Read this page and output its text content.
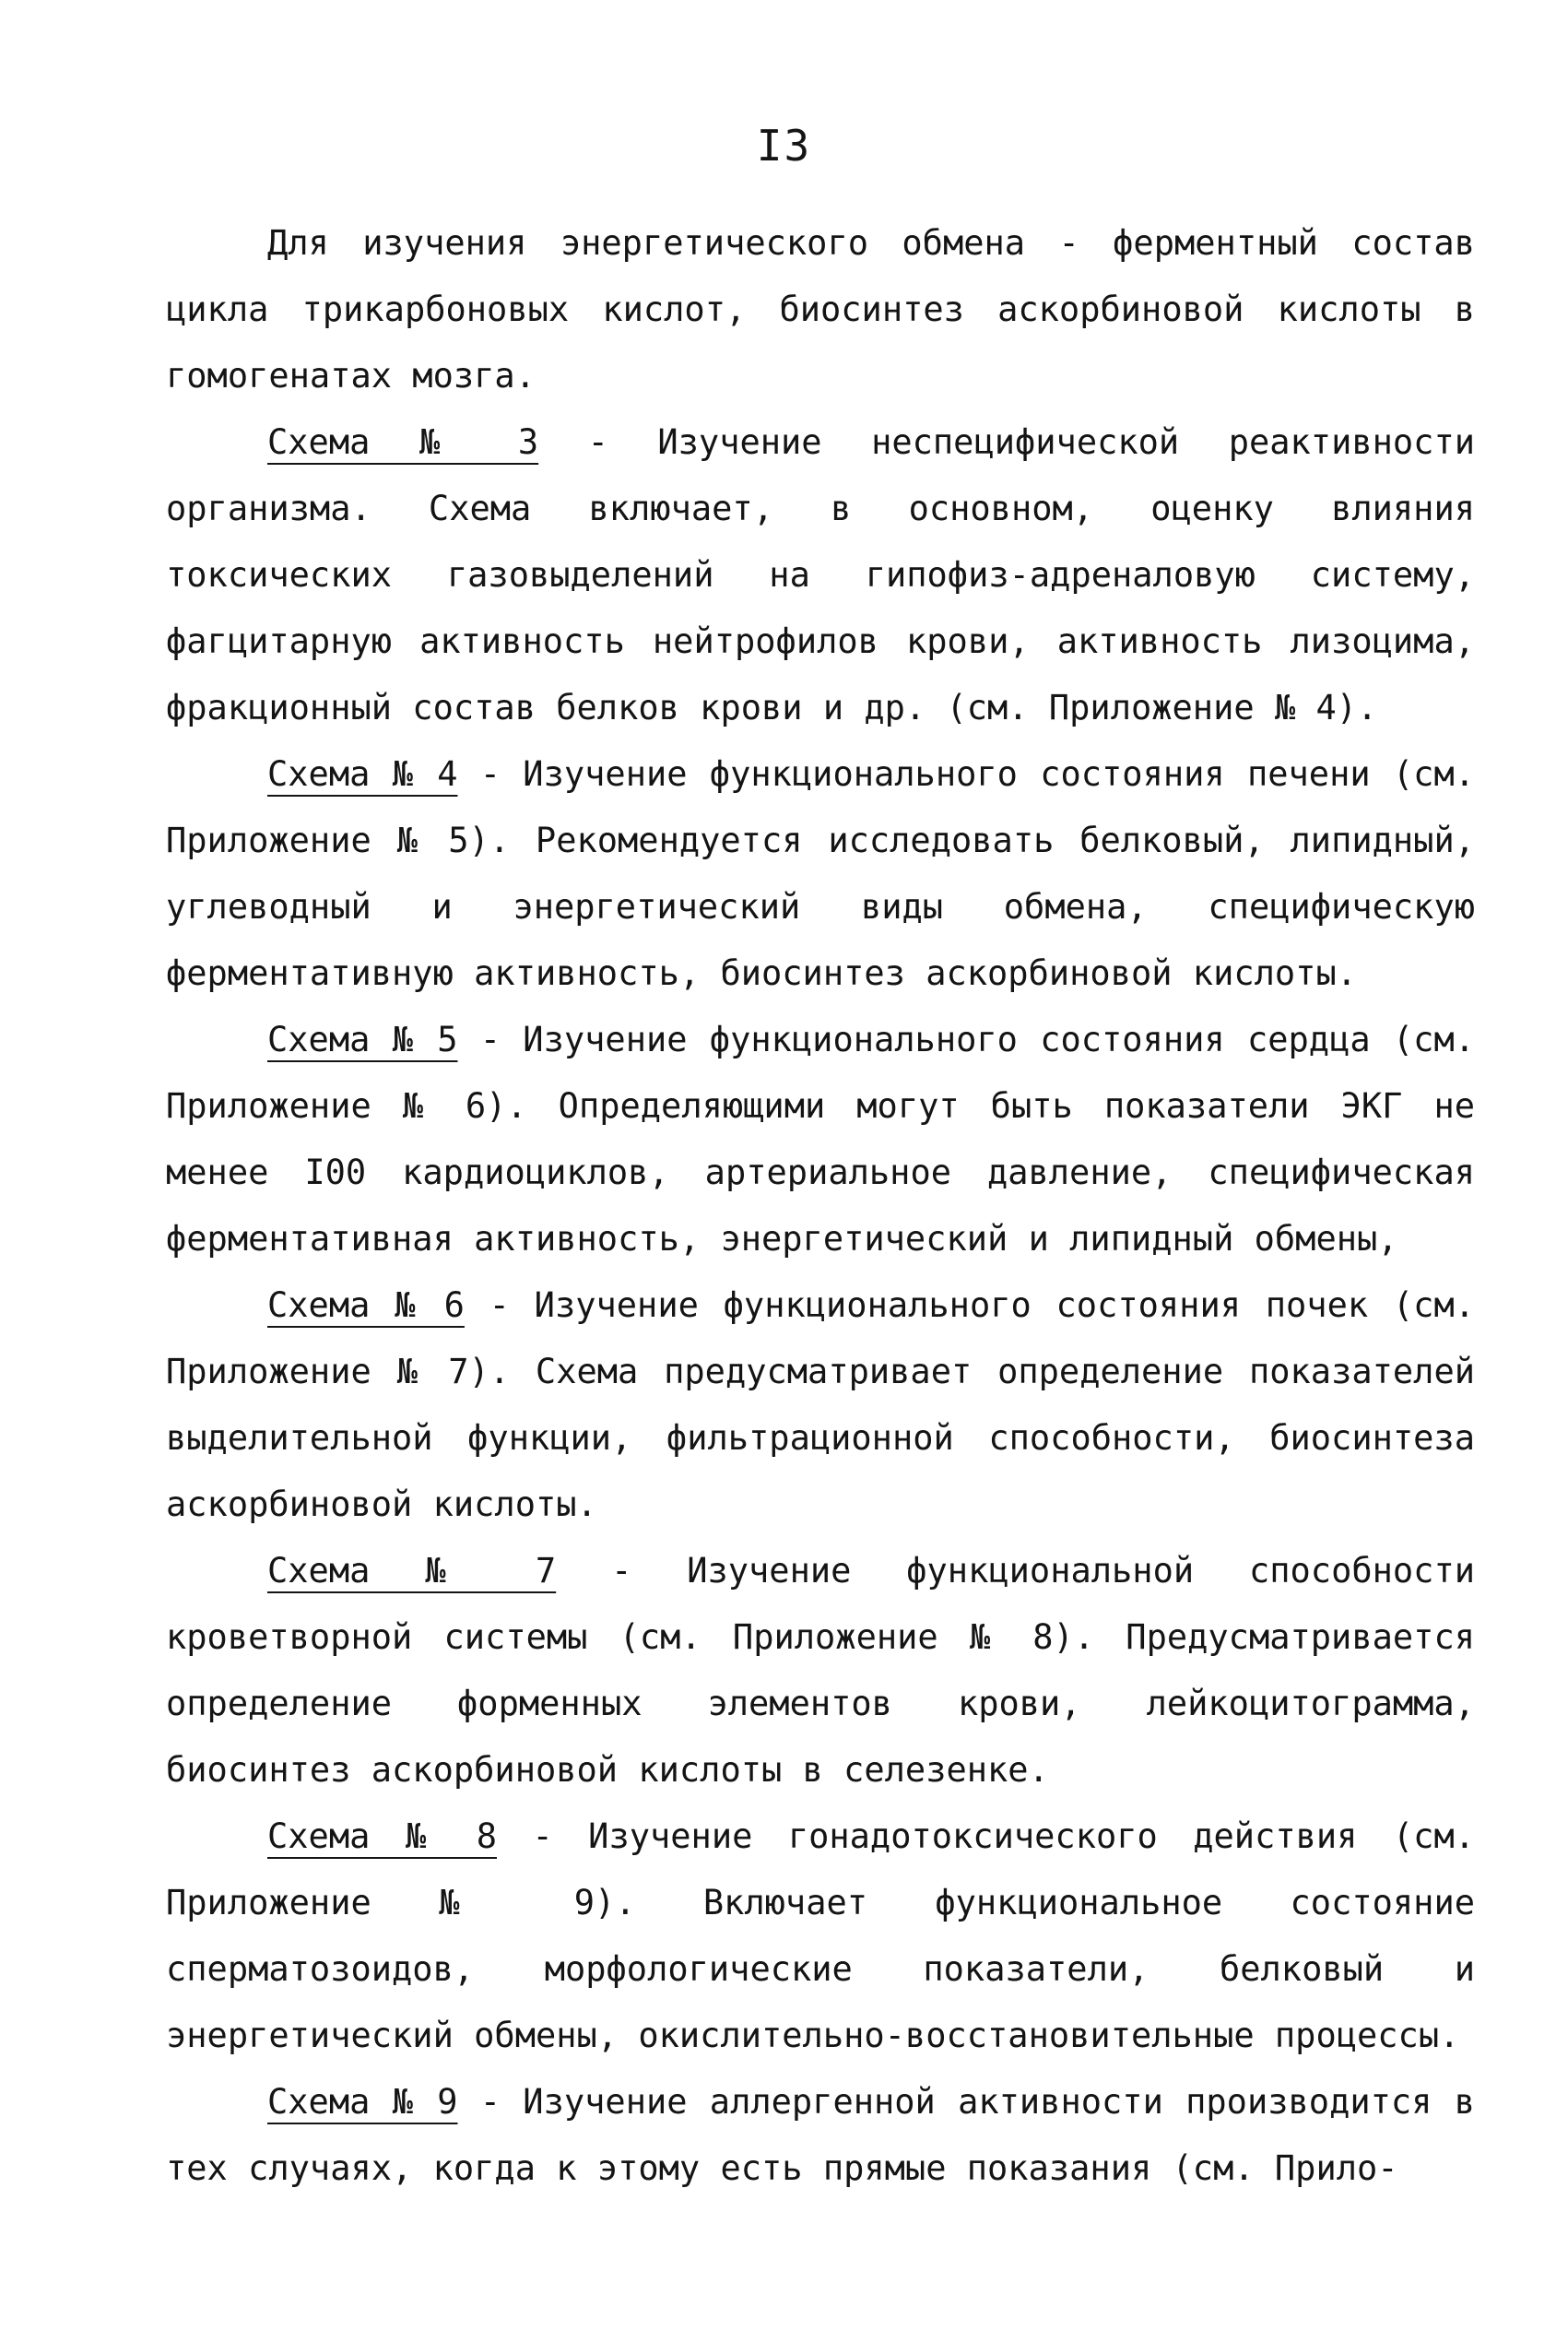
I3

Для изучения энергетического обмена - ферментный состав цикла трикарбоновых кислот, биосинтез аскорбиновой кислоты в гомогенатах мозга.

Схема № 3 - Изучение неспецифической реактивности организма. Схема включает, в основном, оценку влияния токсических газовыделений на гипофиз-адреналовую систему, фагцитарную активность нейтрофилов крови, активность лизоцима, фракционный состав белков крови и др. (см. Приложение № 4).

Схема № 4 - Изучение функционального состояния печени (см. Приложение № 5). Рекомендуется исследовать белковый, липидный, углеводный и энергетический виды обмена, специфическую ферментативную активность, биосинтез аскорбиновой кислоты.

Схема № 5 - Изучение функционального состояния сердца (см. Приложение № 6). Определяющими могут быть показатели ЭКГ не менее I00 кардиоциклов, артериальное давление, специфическая ферментативная активность, энергетический и липидный обмены,

Схема № 6 - Изучение функционального состояния почек (см. Приложение № 7). Схема предусматривает определение показателей выделительной функции, фильтрационной способности, биосинтеза аскорбиновой кислоты.

Схема № 7 - Изучение функциональной способности кроветворной системы (см. Приложение № 8). Предусматривается определение форменных элементов крови, лейкоцитограмма, биосинтез аскорбиновой кислоты в селезенке.

Схема № 8 - Изучение гонадотоксического действия (см. Приложение № 9). Включает функциональное состояние сперматозоидов, морфологические показатели, белковый и энергетический обмены, окислительно-восстановительные процессы.

Схема № 9 - Изучение аллергенной активности производится в тех случаях, когда к этому есть прямые показания (см. Прило-
